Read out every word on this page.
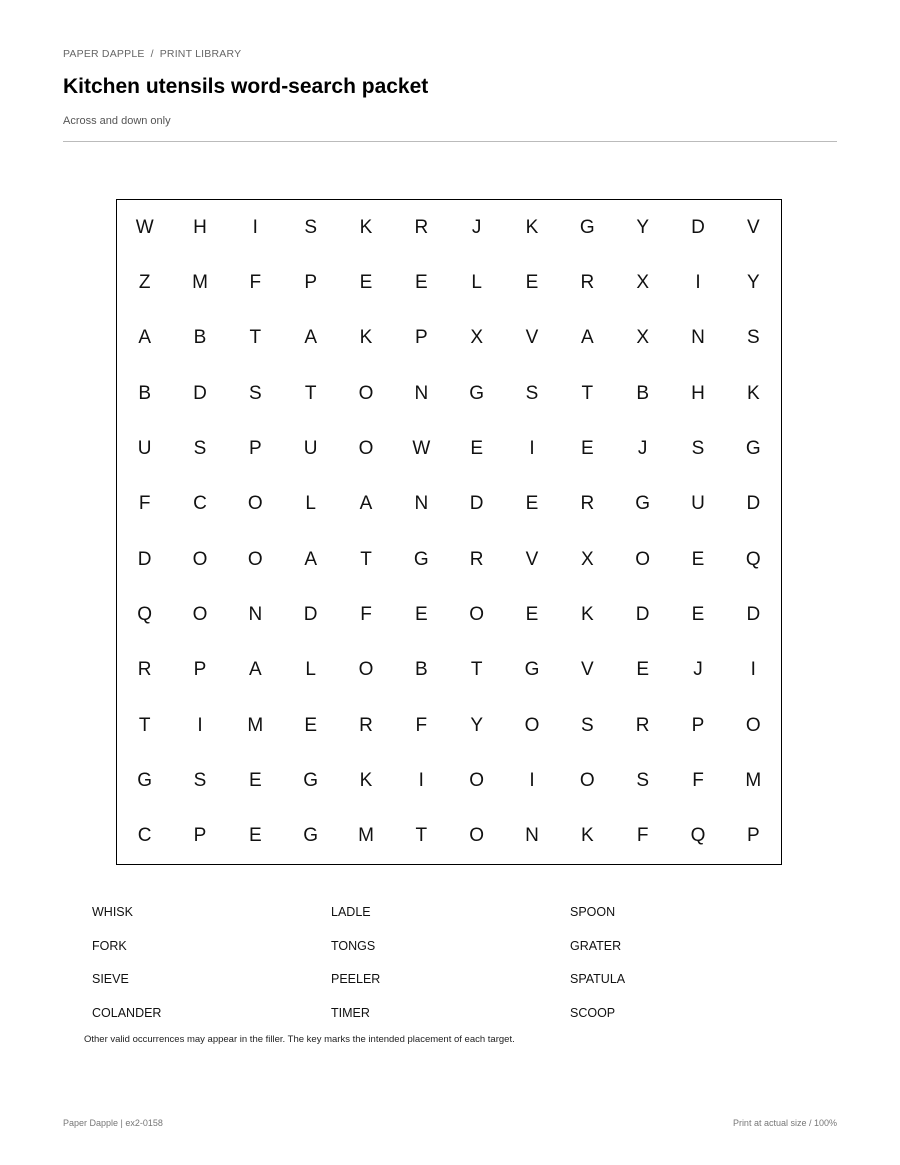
PAPER DAPPLE / PRINT LIBRARY
Kitchen utensils word-search packet
Across and down only
W	H	I	S	K	R	J	K	G	Y	D	V
Z	M	F	P	E	E	L	E	R	X	I	Y
A	B	T	A	K	P	X	V	A	X	N	S
B	D	S	T	O	N	G	S	T	B	H	K
U	S	P	U	O	W	E	I	E	J	S	G
F	C	O	L	A	N	D	E	R	G	U	D
D	O	O	A	T	G	R	V	X	O	E	Q
Q	O	N	D	F	E	O	E	K	D	E	D
R	P	A	L	O	B	T	G	V	E	J	I
T	I	M	E	R	F	Y	O	S	R	P	O
G	S	E	G	K	I	O	I	O	S	F	M
C	P	E	G	M	T	O	N	K	F	Q	P
WHISK	LADLE	SPOON
FORK	TONGS	GRATER
SIEVE	PEELER	SPATULA
COLANDER	TIMER	SCOOP
Other valid occurrences may appear in the filler. The key marks the intended placement of each target.
Paper Dapple | ex2-0158	Print at actual size / 100%
